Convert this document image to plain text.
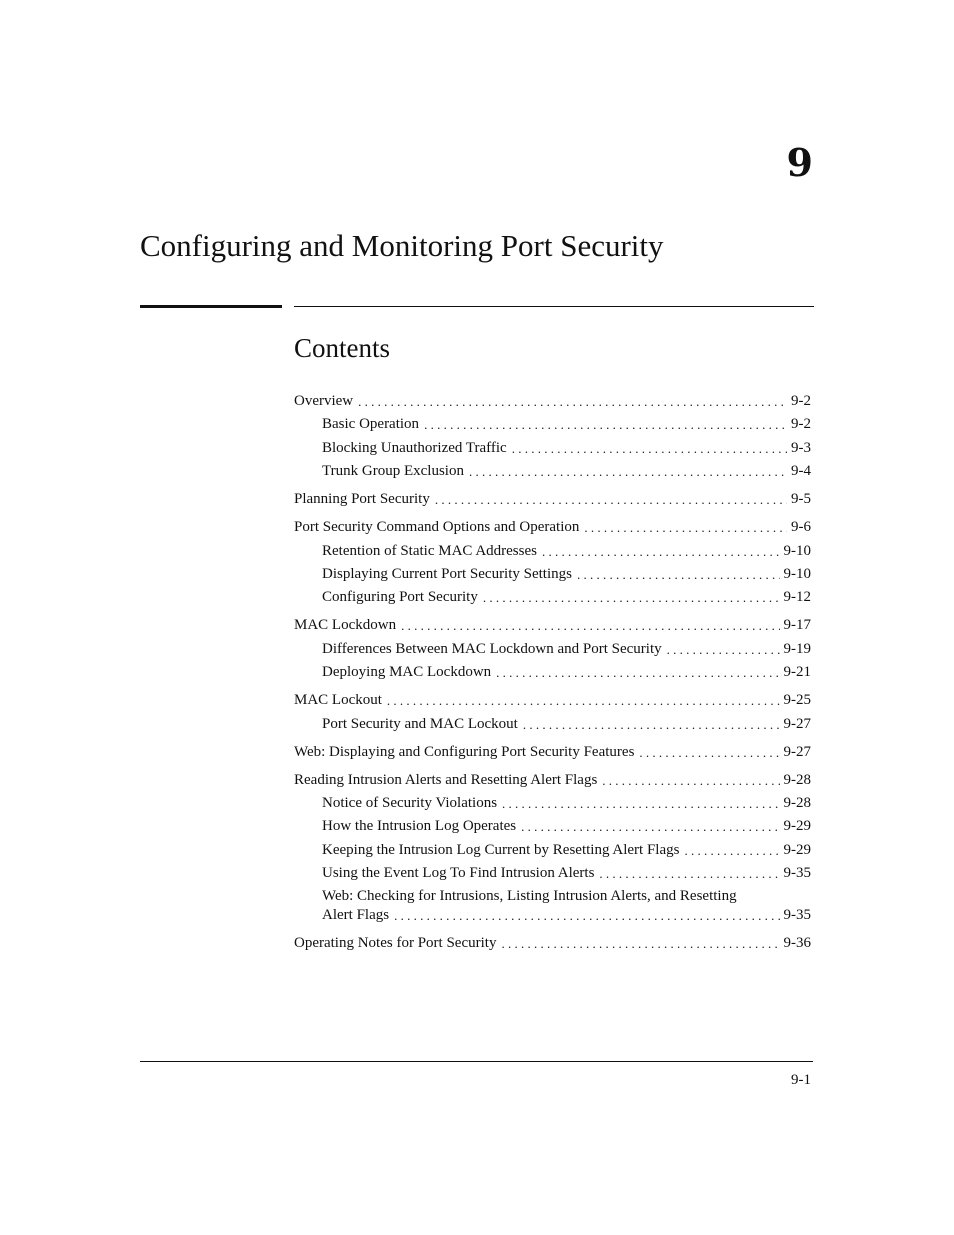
9
Configuring and Monitoring Port Security
Contents
Overview . . .	9-2
Basic Operation . . .	9-2
Blocking Unauthorized Traffic . . .	9-3
Trunk Group Exclusion . . .	9-4
Planning Port Security . . .	9-5
Port Security Command Options and Operation . . .	9-6
Retention of Static MAC Addresses . . .	9-10
Displaying Current Port Security Settings . . .	9-10
Configuring Port Security . . .	9-12
MAC Lockdown . . .	9-17
Differences Between MAC Lockdown and Port Security . . .	9-19
Deploying MAC Lockdown . . .	9-21
MAC Lockout . . .	9-25
Port Security and MAC Lockout . . .	9-27
Web: Displaying and Configuring Port Security Features . . .	9-27
Reading Intrusion Alerts and Resetting Alert Flags . . .	9-28
Notice of Security Violations . . .	9-28
How the Intrusion Log Operates . . .	9-29
Keeping the Intrusion Log Current by Resetting Alert Flags . . .	9-29
Using the Event Log To Find Intrusion Alerts . . .	9-35
Web: Checking for Intrusions, Listing Intrusion Alerts, and Resetting
Alert Flags . . .	9-35
Operating Notes for Port Security . . .	9-36
9-1
